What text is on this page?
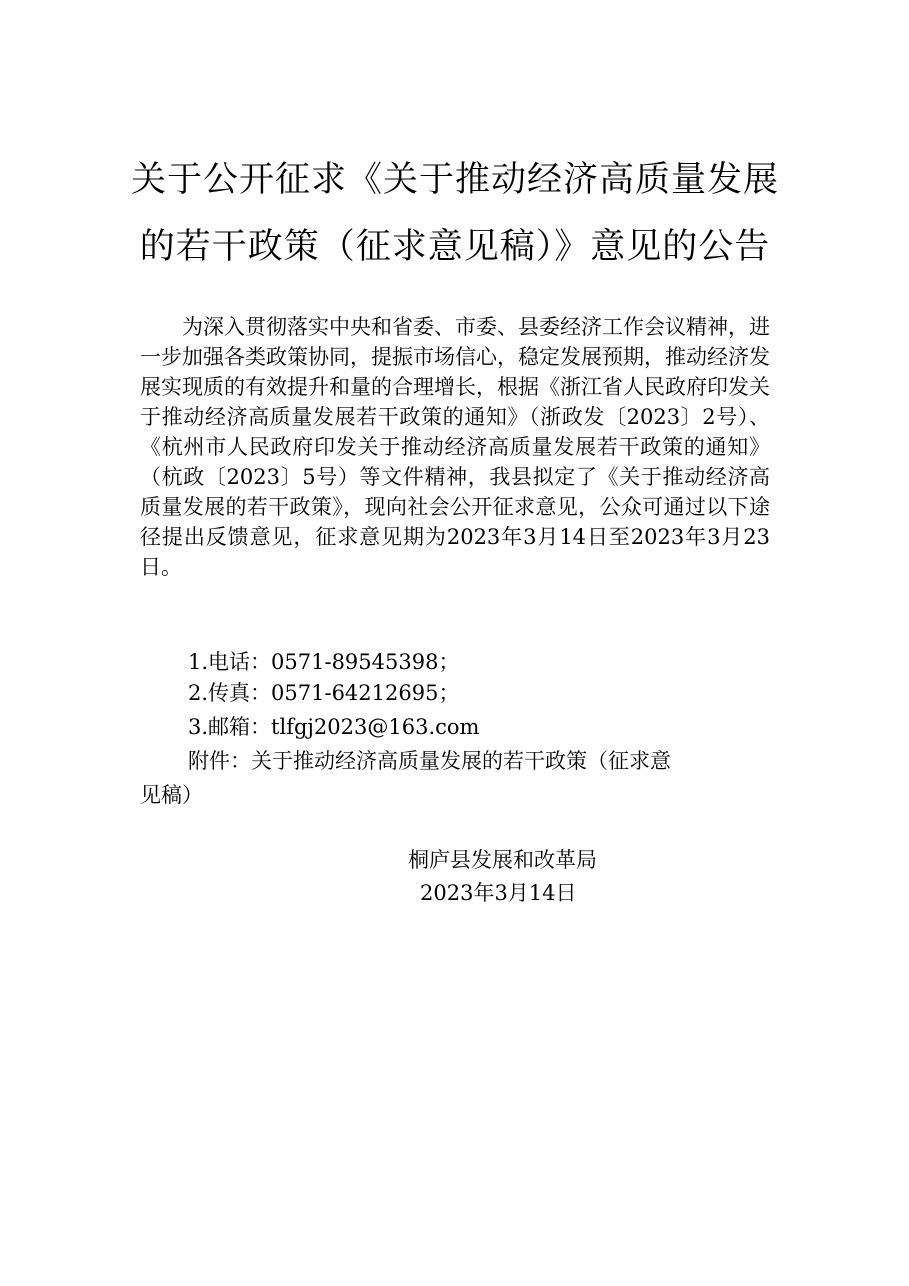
关于公开征求《关于推动经济高质量发展
的若干政策（征求意见稿）》意见的公告

为深入贯彻落实中央和省委、市委、县委经济工作会议精神，进一步加强各类政策协同，提振市场信心，稳定发展预期，推动经济发展实现质的有效提升和量的合理增长，根据《浙江省人民政府印发关于推动经济高质量发展若干政策的通知》（浙政发〔2023〕2号）、《杭州市人民政府印发关于推动经济高质量发展若干政策的通知》（杭政〔2023〕5号）等文件精神，我县拟定了《关于推动经济高质量发展的若干政策》，现向社会公开征求意见，公众可通过以下途径提出反馈意见，征求意见期为2023年3月14日至2023年3月23日。

1.电话：0571-89545398；
2.传真：0571-64212695；
3.邮箱：tlfgj2023@163.com
附件：关于推动经济高质量发展的若干政策（征求意
见稿）
桐庐县发展和改革局
2023年3月14日
